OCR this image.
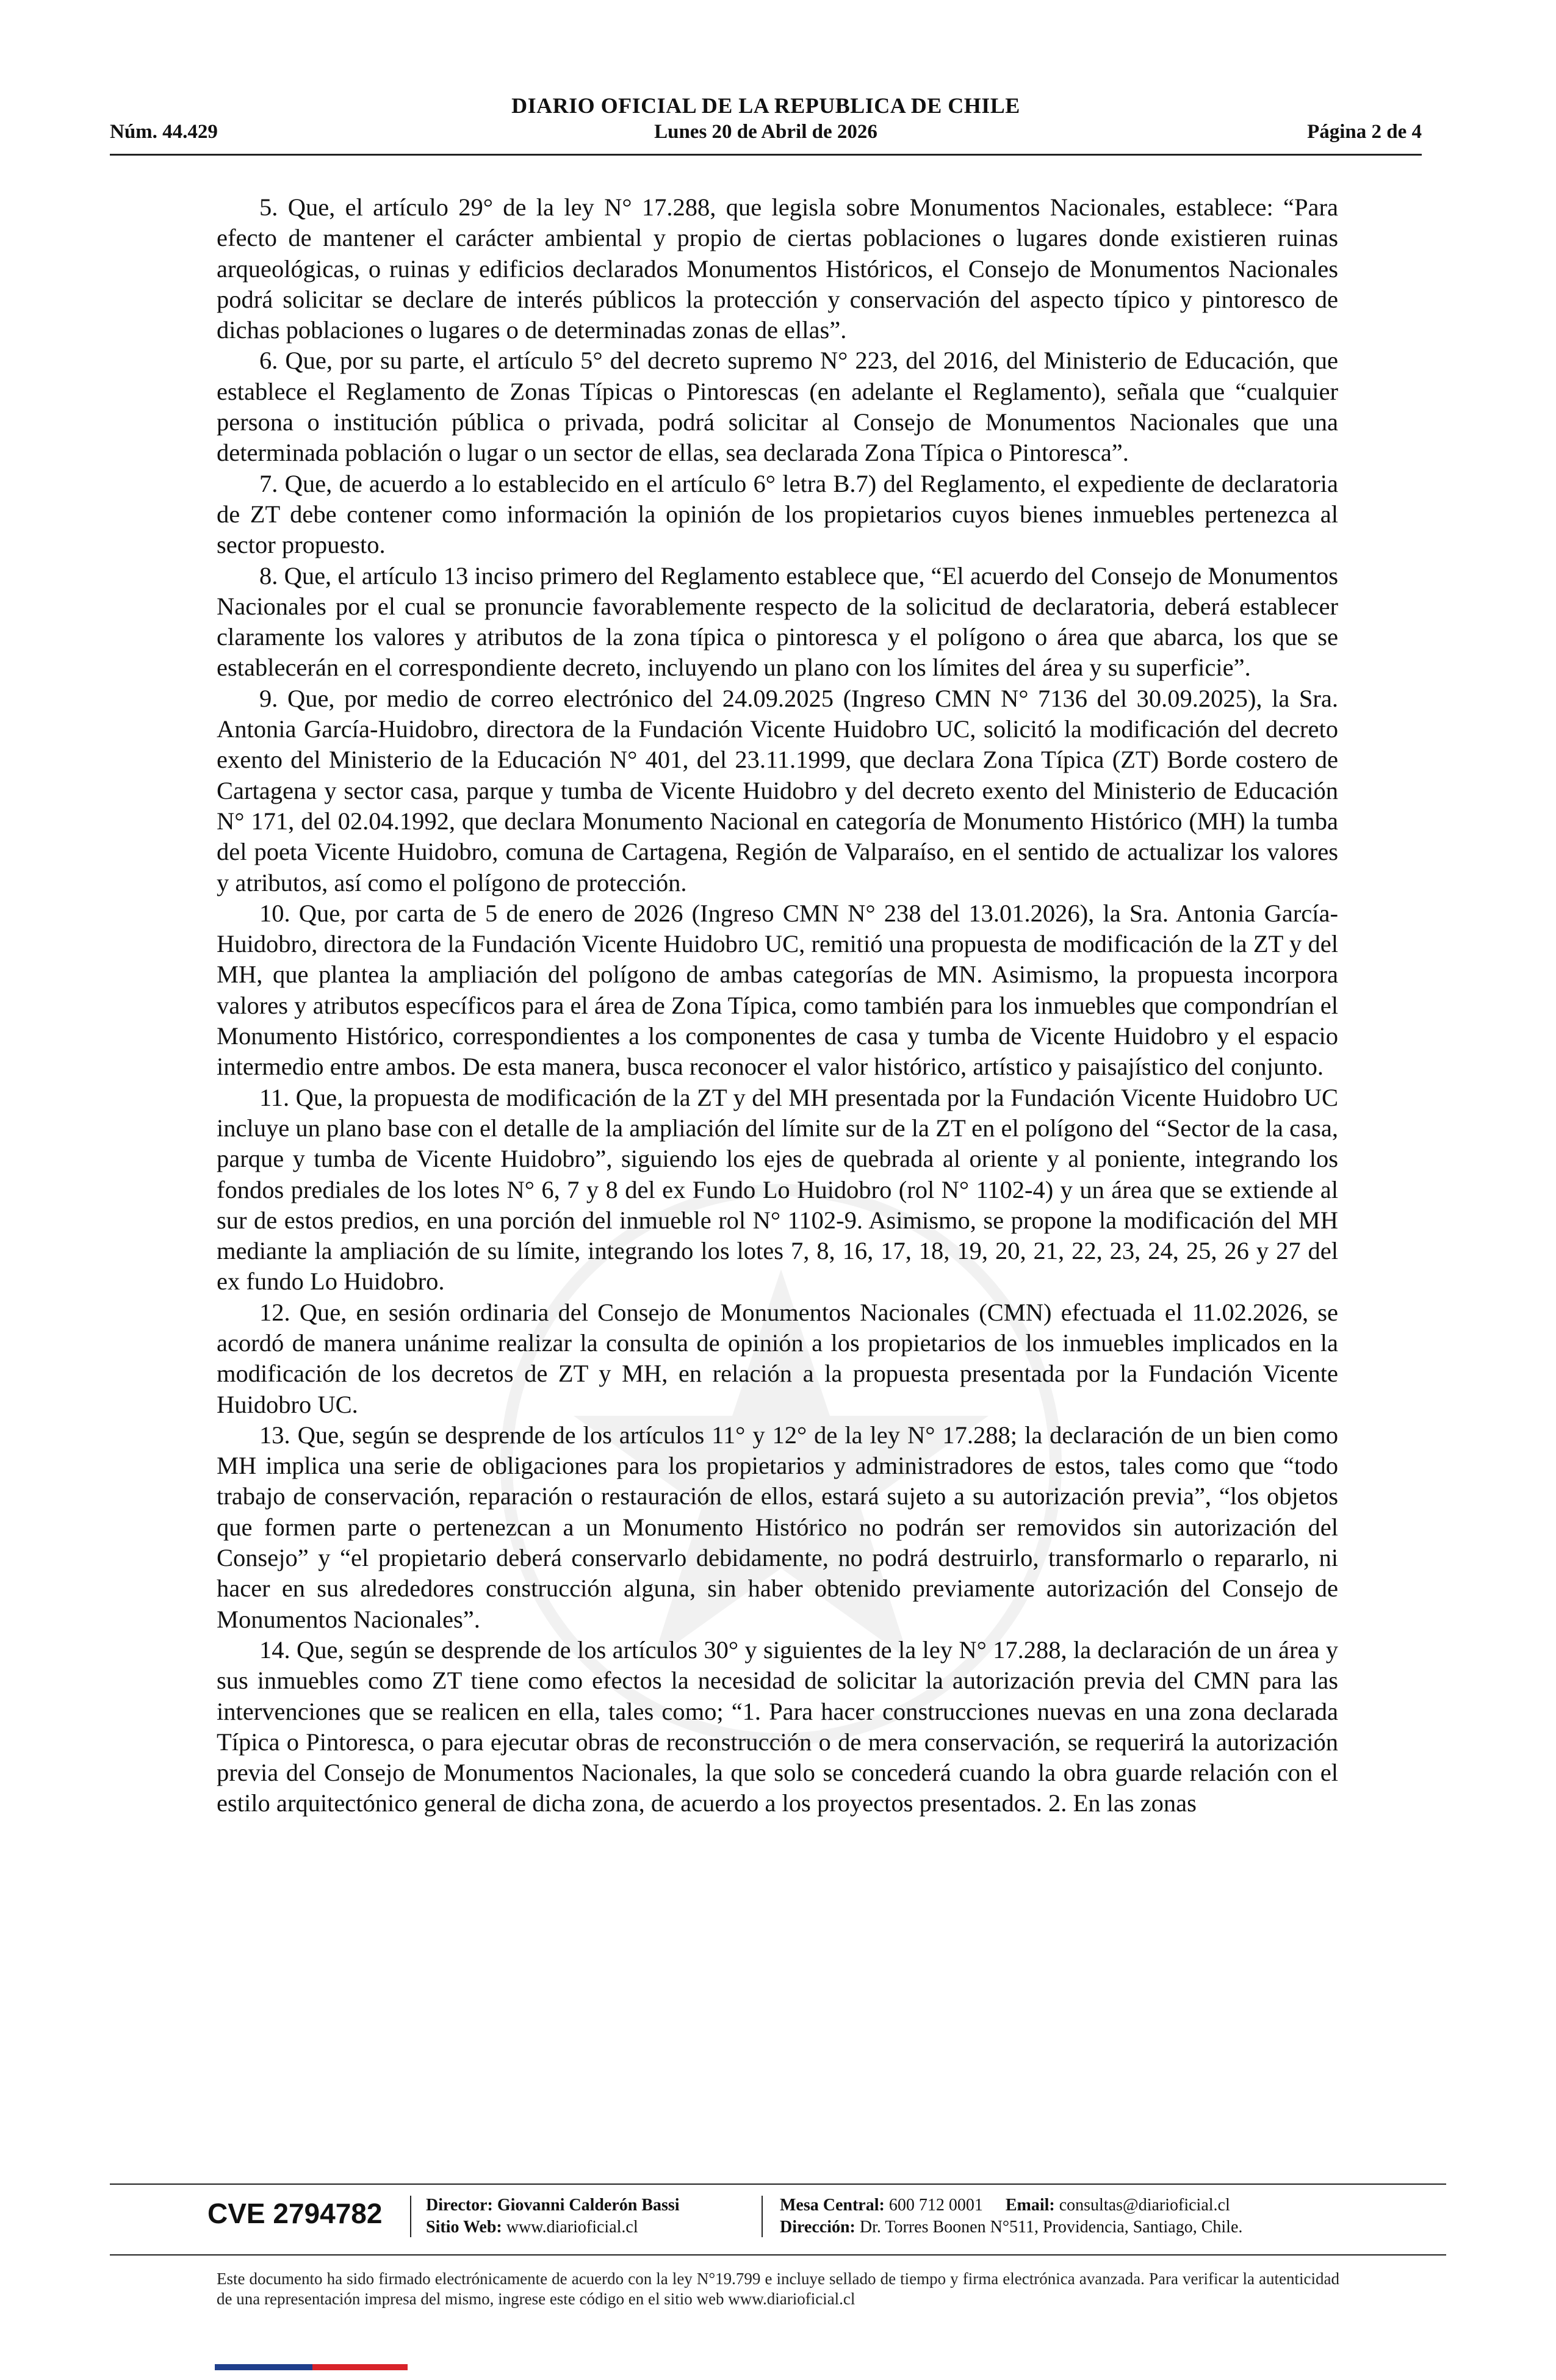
DIARIO OFICIAL DE LA REPUBLICA DE CHILE
Núm. 44.429	Lunes 20 de Abril de 2026	Página 2 de 4

5. Que, el artículo 29° de la ley N° 17.288, que legisla sobre Monumentos Nacionales, establece: “Para efecto de mantener el carácter ambiental y propio de ciertas poblaciones o lugares donde existieren ruinas arqueológicas, o ruinas y edificios declarados Monumentos Históricos, el Consejo de Monumentos Nacionales podrá solicitar se declare de interés públicos la protección y conservación del aspecto típico y pintoresco de dichas poblaciones o lugares o de determinadas zonas de ellas”.

6. Que, por su parte, el artículo 5° del decreto supremo N° 223, del 2016, del Ministerio de Educación, que establece el Reglamento de Zonas Típicas o Pintorescas (en adelante el Reglamento), señala que “cualquier persona o institución pública o privada, podrá solicitar al Consejo de Monumentos Nacionales que una determinada población o lugar o un sector de ellas, sea declarada Zona Típica o Pintoresca”.

7. Que, de acuerdo a lo establecido en el artículo 6° letra B.7) del Reglamento, el expediente de declaratoria de ZT debe contener como información la opinión de los propietarios cuyos bienes inmuebles pertenezca al sector propuesto.

8. Que, el artículo 13 inciso primero del Reglamento establece que, “El acuerdo del Consejo de Monumentos Nacionales por el cual se pronuncie favorablemente respecto de la solicitud de declaratoria, deberá establecer claramente los valores y atributos de la zona típica o pintoresca y el polígono o área que abarca, los que se establecerán en el correspondiente decreto, incluyendo un plano con los límites del área y su superficie”.

9. Que, por medio de correo electrónico del 24.09.2025 (Ingreso CMN N° 7136 del 30.09.2025), la Sra. Antonia García-Huidobro, directora de la Fundación Vicente Huidobro UC, solicitó la modificación del decreto exento del Ministerio de la Educación N° 401, del 23.11.1999, que declara Zona Típica (ZT) Borde costero de Cartagena y sector casa, parque y tumba de Vicente Huidobro y del decreto exento del Ministerio de Educación N° 171, del 02.04.1992, que declara Monumento Nacional en categoría de Monumento Histórico (MH) la tumba del poeta Vicente Huidobro, comuna de Cartagena, Región de Valparaíso, en el sentido de actualizar los valores y atributos, así como el polígono de protección.

10. Que, por carta de 5 de enero de 2026 (Ingreso CMN N° 238 del 13.01.2026), la Sra. Antonia García-Huidobro, directora de la Fundación Vicente Huidobro UC, remitió una propuesta de modificación de la ZT y del MH, que plantea la ampliación del polígono de ambas categorías de MN. Asimismo, la propuesta incorpora valores y atributos específicos para el área de Zona Típica, como también para los inmuebles que compondrían el Monumento Histórico, correspondientes a los componentes de casa y tumba de Vicente Huidobro y el espacio intermedio entre ambos. De esta manera, busca reconocer el valor histórico, artístico y paisajístico del conjunto.

11. Que, la propuesta de modificación de la ZT y del MH presentada por la Fundación Vicente Huidobro UC incluye un plano base con el detalle de la ampliación del límite sur de la ZT en el polígono del “Sector de la casa, parque y tumba de Vicente Huidobro”, siguiendo los ejes de quebrada al oriente y al poniente, integrando los fondos prediales de los lotes N° 6, 7 y 8 del ex Fundo Lo Huidobro (rol N° 1102-4) y un área que se extiende al sur de estos predios, en una porción del inmueble rol N° 1102-9. Asimismo, se propone la modificación del MH mediante la ampliación de su límite, integrando los lotes 7, 8, 16, 17, 18, 19, 20, 21, 22, 23, 24, 25, 26 y 27 del ex fundo Lo Huidobro.

12. Que, en sesión ordinaria del Consejo de Monumentos Nacionales (CMN) efectuada el 11.02.2026, se acordó de manera unánime realizar la consulta de opinión a los propietarios de los inmuebles implicados en la modificación de los decretos de ZT y MH, en relación a la propuesta presentada por la Fundación Vicente Huidobro UC.

13. Que, según se desprende de los artículos 11° y 12° de la ley N° 17.288; la declaración de un bien como MH implica una serie de obligaciones para los propietarios y administradores de estos, tales como que “todo trabajo de conservación, reparación o restauración de ellos, estará sujeto a su autorización previa”, “los objetos que formen parte o pertenezcan a un Monumento Histórico no podrán ser removidos sin autorización del Consejo” y “el propietario deberá conservarlo debidamente, no podrá destruirlo, transformarlo o repararlo, ni hacer en sus alrededores construcción alguna, sin haber obtenido previamente autorización del Consejo de Monumentos Nacionales”.

14. Que, según se desprende de los artículos 30° y siguientes de la ley N° 17.288, la declaración de un área y sus inmuebles como ZT tiene como efectos la necesidad de solicitar la autorización previa del CMN para las intervenciones que se realicen en ella, tales como; “1. Para hacer construcciones nuevas en una zona declarada Típica o Pintoresca, o para ejecutar obras de reconstrucción o de mera conservación, se requerirá la autorización previa del Consejo de Monumentos Nacionales, la que solo se concederá cuando la obra guarde relación con el estilo arquitectónico general de dicha zona, de acuerdo a los proyectos presentados. 2. En las zonas

CVE 2794782	Director: Giovanni Calderón Bassi
Sitio Web: www.diarioficial.cl
Mesa Central: 600 712 0001 Email: consultas@diarioficial.cl
Dirección: Dr. Torres Boonen N°511, Providencia, Santiago, Chile.
Este documento ha sido firmado electrónicamente de acuerdo con la ley N°19.799 e incluye sellado de tiempo y firma electrónica avanzada. Para verificar la autenticidad de una representación impresa del mismo, ingrese este código en el sitio web www.diarioficial.cl
